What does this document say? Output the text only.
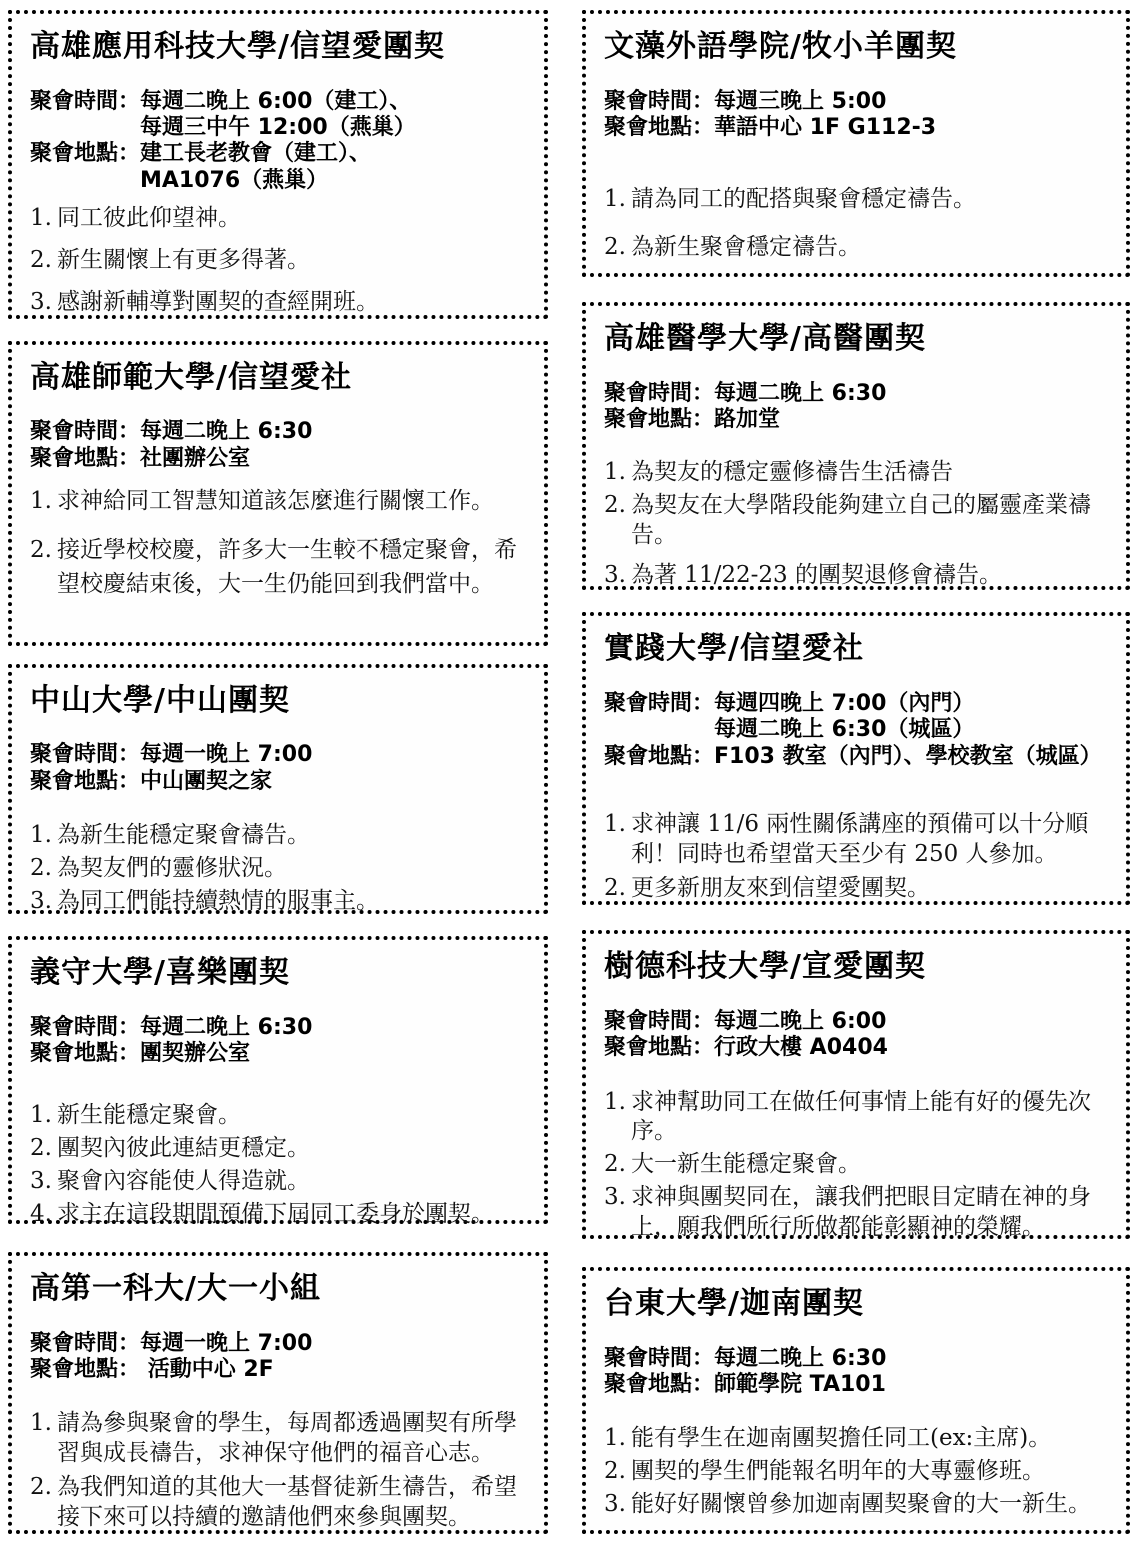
高雄應用科技大學/信望愛團契
聚會時間： 每週二晚上 6:00（建工）、
每週三中午 12:00（燕巢）
聚會地點： 建工長老教會（建工）、
MA1076（燕巢）
1. 同工彼此仰望神。
2. 新生關懷上有更多得著。
3. 感謝新輔導對團契的查經開班。
高雄師範大學/信望愛社
聚會時間： 每週二晚上 6:30
聚會地點： 社團辦公室
1. 求神給同工智慧知道該怎麼進行關懷工作。
2. 接近學校校慶，許多大一生較不穩定聚會，希望校慶結束後，大一生仍能回到我們當中。
中山大學/中山團契
聚會時間： 每週一晚上 7:00
聚會地點： 中山團契之家
1. 為新生能穩定聚會禱告。
2. 為契友們的靈修狀況。
3. 為同工們能持續熱情的服事主。
義守大學/喜樂團契
聚會時間： 每週二晚上 6:30
聚會地點： 團契辦公室
1. 新生能穩定聚會。
2. 團契內彼此連結更穩定。
3. 聚會內容能使人得造就。
4. 求主在這段期間預備下屆同工委身於團契。
高第一科大/大一小組
聚會時間： 每週一晚上 7:00
聚會地點： 活動中心 2F
1. 請為參與聚會的學生，每周都透過團契有所學習與成長禱告，求神保守他們的福音心志。
2. 為我們知道的其他大一基督徒新生禱告，希望接下來可以持續的邀請他們來參與團契。
文藻外語學院/牧小羊團契
聚會時間： 每週三晚上 5:00
聚會地點： 華語中心 1F G112-3
1. 請為同工的配搭與聚會穩定禱告。
2. 為新生聚會穩定禱告。
高雄醫學大學/高醫團契
聚會時間： 每週二晚上 6:30
聚會地點： 路加堂
1. 為契友的穩定靈修禱告生活禱告
2. 為契友在大學階段能夠建立自己的屬靈產業禱告。
3. 為著 11/22-23 的團契退修會禱告。
實踐大學/信望愛社
聚會時間： 每週四晚上 7:00（內門）
每週二晚上 6:30（城區）
聚會地點： F103 教室（內門）、學校教室（城區）
1. 求神讓 11/6 兩性關係講座的預備可以十分順利！同時也希望當天至少有 250 人參加。
2. 更多新朋友來到信望愛團契。
樹德科技大學/宣愛團契
聚會時間： 每週二晚上 6:00
聚會地點： 行政大樓 A0404
1. 求神幫助同工在做任何事情上能有好的優先次序。
2. 大一新生能穩定聚會。
3. 求神與團契同在，讓我們把眼目定睛在神的身上，願我們所行所做都能彰顯神的榮耀。
台東大學/迦南團契
聚會時間： 每週二晚上 6:30
聚會地點： 師範學院 TA101
1. 能有學生在迦南團契擔任同工(ex:主席)。
2. 團契的學生們能報名明年的大專靈修班。
3. 能好好關懷曾參加迦南團契聚會的大一新生。
